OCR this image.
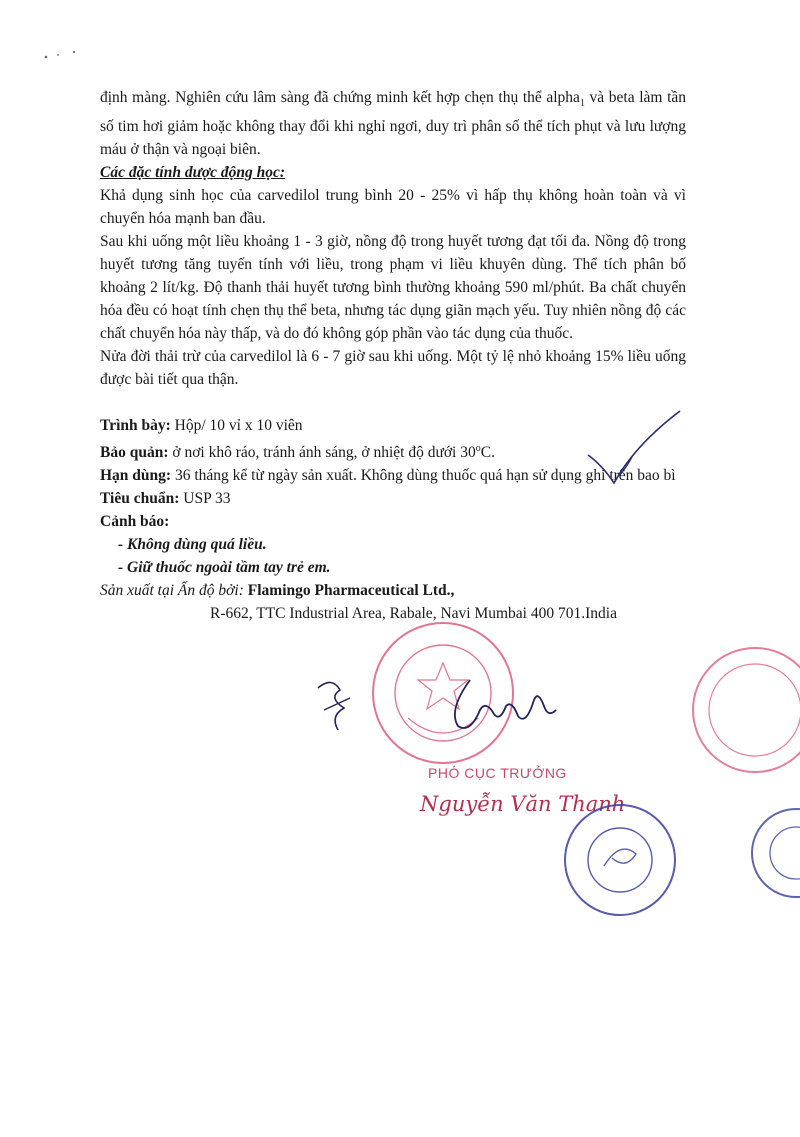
định màng. Nghiên cứu lâm sàng đã chứng minh kết hợp chẹn thụ thể alpha$_1$ và beta làm tần số tim hơi giảm hoặc không thay đổi khi nghỉ ngơi, duy trì phân số thể tích phụt và lưu lượng máu ở thận và ngoại biên.

Các đặc tính dược động học:

Khả dụng sinh học của carvedilol trung bình 20 - 25% vì hấp thụ không hoàn toàn và vì chuyển hóa mạnh ban đầu.

Sau khi uống một liều khoảng 1 - 3 giờ, nồng độ trong huyết tương đạt tối đa. Nồng độ trong huyết tương tăng tuyến tính với liều, trong phạm vi liều khuyên dùng. Thể tích phân bố khoảng 2 lít/kg. Độ thanh thải huyết tương bình thường khoảng 590 ml/phút. Ba chất chuyển hóa đều có hoạt tính chẹn thụ thể beta, nhưng tác dụng giãn mạch yếu. Tuy nhiên nồng độ các chất chuyển hóa này thấp, và do đó không góp phần vào tác dụng của thuốc.

Nửa đời thải trừ của carvedilol là 6 - 7 giờ sau khi uống. Một tỷ lệ nhỏ khoảng 15% liều uống được bài tiết qua thận.

Trình bày: Hộp/ 10 vỉ x 10 viên

Bảo quản: ở nơi khô ráo, tránh ánh sáng, ở nhiệt độ dưới 30$^o$C.

Hạn dùng: 36 tháng kể từ ngày sản xuất. Không dùng thuốc quá hạn sử dụng ghi trên bao bì

Tiêu chuẩn: USP 33

Cảnh báo:

- Không dùng quá liều.

- Giữ thuốc ngoài tầm tay trẻ em.

Sản xuất tại Ấn độ bởi: Flamingo Pharmaceutical Ltd.,

R-662, TTC Industrial Area, Rabale, Navi Mumbai 400 701.India

PHÓ CỤC TRƯỞNG
Nguyễn Văn Thanh
